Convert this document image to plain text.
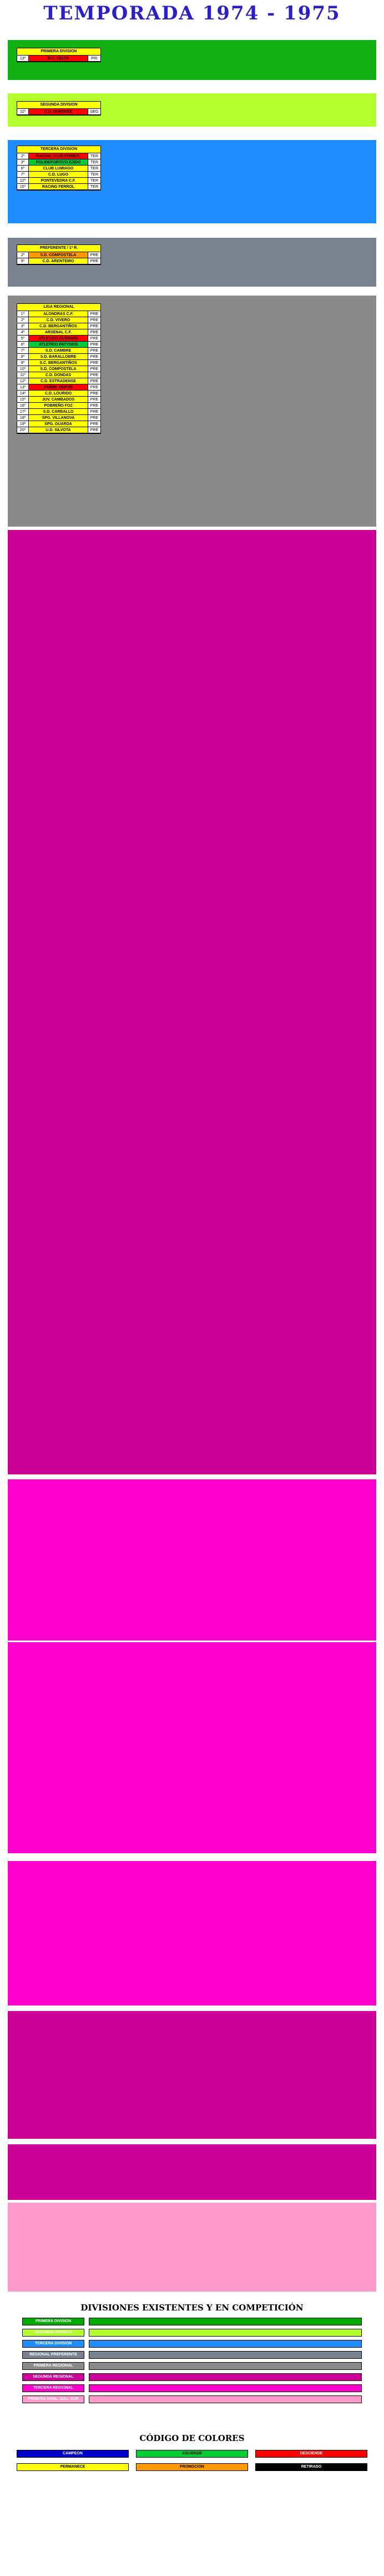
TEMPORADA 1974 - 1975
PRIMERA DIVISION
13º	R.C. CELTA	PRI
SEGUNDA DIVISION
11º	C.D. OURENSE	SEG
TERCERA DIVISION
2º	RACING CLUB FERROL	TER
3º	POLIDEPORTIVO EJIDO	TER
6º	CLUB LUMIAGO	TER
7º	C.D. LUGO	TER
12º	PONTEVEDRA C.F.	TER
15º	RACING FERROL	TER
PREFERENTE / 1ª R.
2º	S.D. COMPOSTELA	PRE
9º	C.D. ARENTEIRO	PRE
LIGA REGIONAL
1º	ALONDRAS C.F.	PRE
2º	C.D. VIVERO	PRE
3º	C.D. BERGANTIÑOS	PRE
4º	ARSENAL C.F.	PRE
5º	ATLETICO OURENSE	PRE
6º	ATLETICO PATYSEIS	PRE
7º	S.D. CAMBRE	PRE
8º	S.D. BARALLOBRE	PRE
9º	S.C. BERGANTIÑOS	PRE
10º	S.D. COMPOSTELA	PRE
11º	C.D. DONDAS	PRE
12º	C.D. ESTRADENSE	PRE
13º	FABRIL DEPOR	PRE
14º	C.D. LOURIDO	PRE
15º	JUV. CAMBADOS	PRE
16º	POBREÑO FOZ	PRE
17º	S.D. CARBALLO	PRE
18º	SPG. VILLANOVA	PRE
19º	SPG. GUARDA	PRE
20º	U.D. SILVOTA	PRE
DIVISIONES EXISTENTES Y EN COMPETICIÓN
PRIMERA DIVISION
SEGUNDA DIVISION
TERCERA DIVISION
REGIONAL PREFERENTE
PRIMERA REGIONAL
SEGUNDA REGIONAL
TERCERA REGIONAL
PRIMERA RGNL. GAL. SUR
CÓDIGO DE COLORES
CAMPEON	ASCIENDE	DESCIENDE
PERMANECE	PROMOCION	RETIRADO
